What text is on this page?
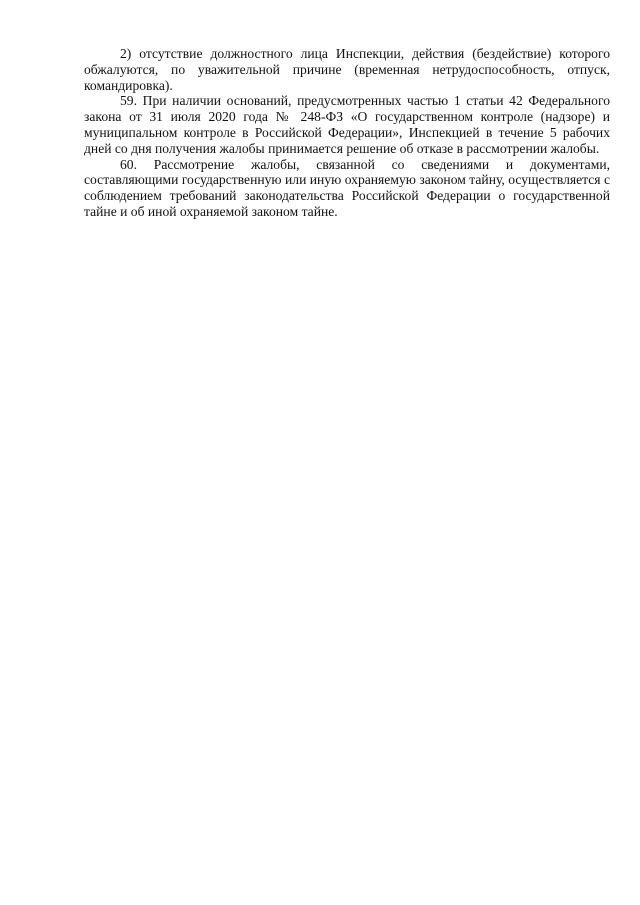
2) отсутствие должностного лица Инспекции, действия (бездействие) которого обжалуются, по уважительной причине (временная нетрудоспособность, отпуск, командировка).

59. При наличии оснований, предусмотренных частью 1 статьи 42 Федерального закона от 31 июля 2020 года № 248-ФЗ «О государственном контроле (надзоре) и муниципальном контроле в Российской Федерации», Инспекцией в течение 5 рабочих дней со дня получения жалобы принимается решение об отказе в рассмотрении жалобы.

60. Рассмотрение жалобы, связанной со сведениями и документами, составляющими государственную или иную охраняемую законом тайну, осуществляется с соблюдением требований законодательства Российской Федерации о государственной тайне и об иной охраняемой законом тайне.
